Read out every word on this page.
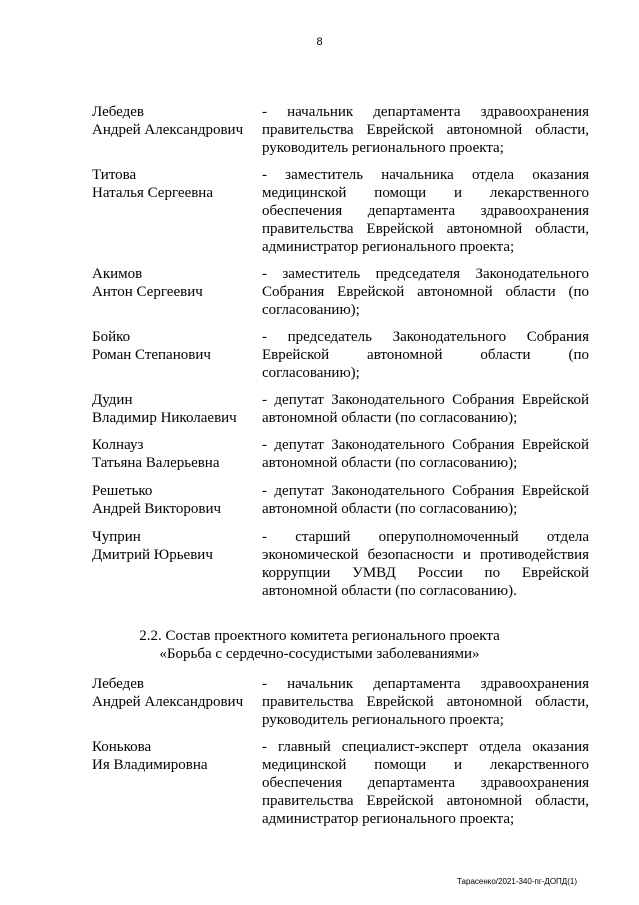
8
Лебедев
Андрей Александрович
- начальник департамента здравоохранения
правительства Еврейской автономной области,
руководитель регионального проекта;
Титова
Наталья Сергеевна
- заместитель начальника отдела оказания
медицинской помощи и лекарственного
обеспечения департамента здравоохранения
правительства Еврейской автономной области,
администратор регионального проекта;
Акимов
Антон Сергеевич
- заместитель председателя Законодательного
Собрания Еврейской автономной области (по
согласованию);
Бойко
Роман Степанович
- председатель Законодательного Собрания
Еврейской автономной области (по
согласованию);
Дудин
Владимир Николаевич
- депутат Законодательного Собрания Еврейской
автономной области (по согласованию);
Колнауз
Татьяна Валерьевна
- депутат Законодательного Собрания Еврейской
автономной области (по согласованию);
Решетько
Андрей Викторович
- депутат Законодательного Собрания Еврейской
автономной области (по согласованию);
Чуприн
Дмитрий Юрьевич
- старший оперуполномоченный отдела
экономической безопасности и противодействия
коррупции УМВД России по Еврейской
автономной области (по согласованию).
2.2. Состав проектного комитета регионального проекта
«Борьба с сердечно-сосудистыми заболеваниями»
Лебедев
Андрей Александрович
- начальник департамента здравоохранения
правительства Еврейской автономной области,
руководитель регионального проекта;
Конькова
Ия Владимировна
- главный специалист-эксперт отдела оказания
медицинской помощи и лекарственного
обеспечения департамента здравоохранения
правительства Еврейской автономной области,
администратор регионального проекта;
Тарасенко/2021-340-пг-ДОПД(1)
